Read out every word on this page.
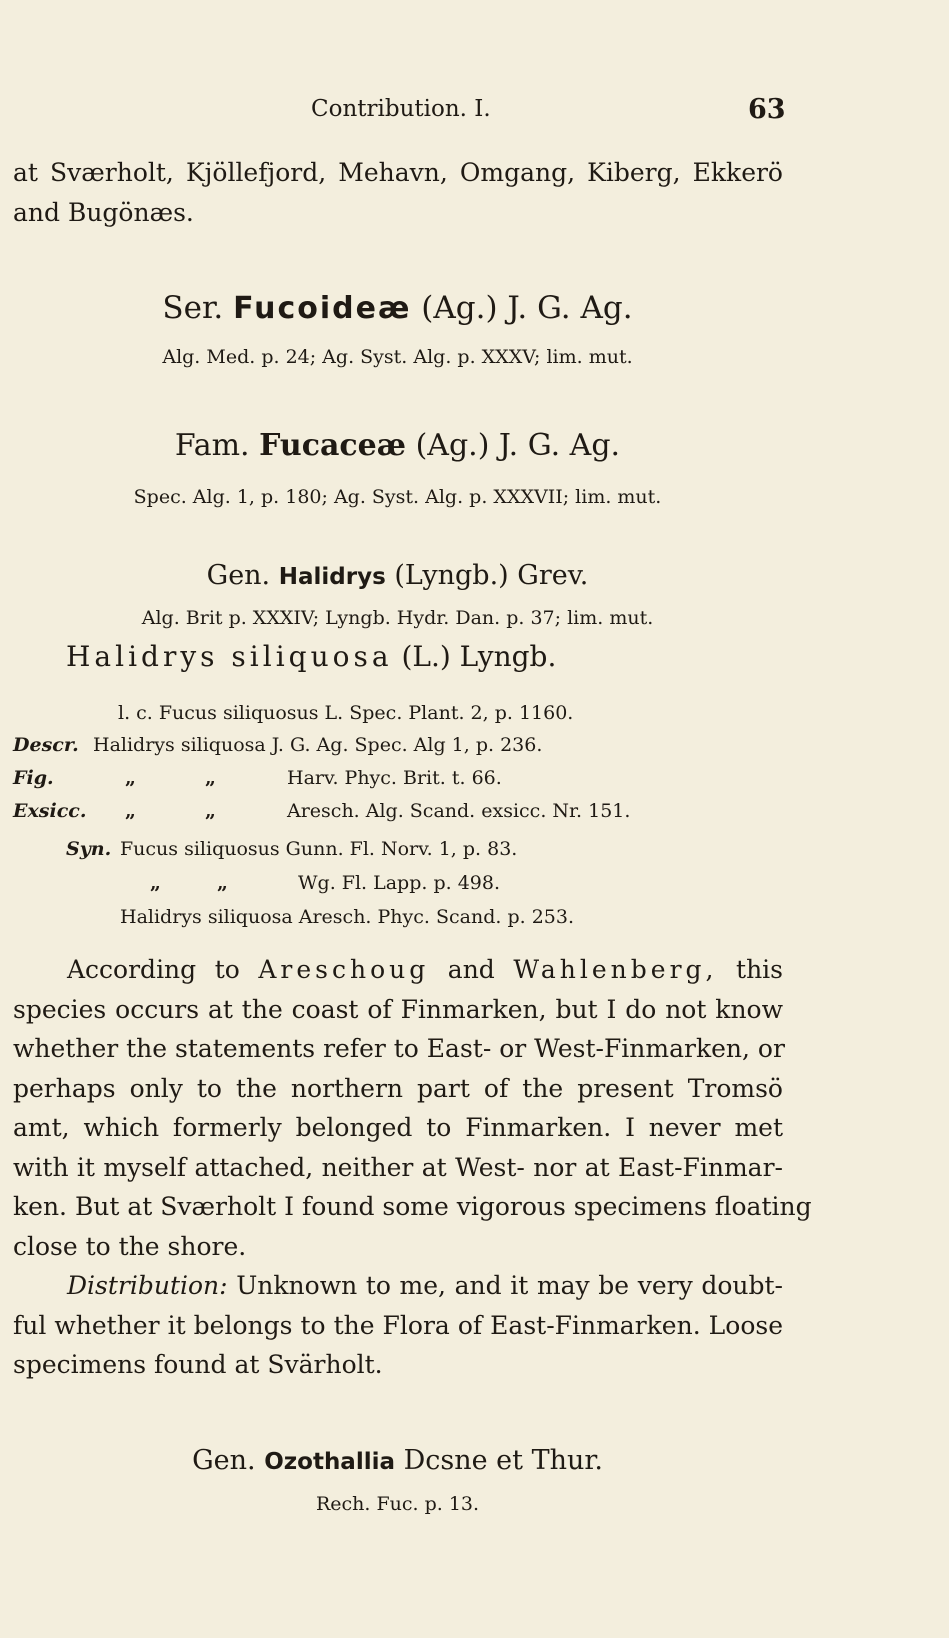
Contribution. I.	63
at Sværholt, Kjöllefjord, Mehavn, Omgang, Kiberg, Ekkerö
and Bugönæs.
Ser. Fucoideæ (Ag.) J. G. Ag.
Alg. Med. p. 24; Ag. Syst. Alg. p. XXXV; lim. mut.
Fam. Fucaceæ (Ag.) J. G. Ag.
Spec. Alg. 1, p. 180; Ag. Syst. Alg. p. XXXVII; lim. mut.
Gen. Halidrys (Lyngb.) Grev.
Alg. Brit p. XXXIV; Lyngb. Hydr. Dan. p. 37; lim. mut.
Halidrys siliquosa (L.) Lyngb.
l. c. Fucus siliquosus L. Spec. Plant. 2, p. 1160.
Descr. Halidrys siliquosa J. G. Ag. Spec. Alg 1, p. 236.
Fig.	„	„	Harv. Phyc. Brit. t. 66.
Exsicc. „	„	Aresch. Alg. Scand. exsicc. Nr. 151.
Syn. Fucus siliquosus Gunn. Fl. Norv. 1, p. 83.
„	„	Wg. Fl. Lapp. p. 498.
Halidrys siliquosa Aresch. Phyc. Scand. p. 253.
According to Areschoug and Wahlenberg, this
species occurs at the coast of Finmarken, but I do not know
whether the statements refer to East- or West-Finmarken, or
perhaps only to the northern part of the present Tromsö
amt, which formerly belonged to Finmarken. I never met
with it myself attached, neither at West- nor at East-Finmar-
ken. But at Sværholt I found some vigorous specimens floating
close to the shore.
Distribution: Unknown to me, and it may be very doubt-
ful whether it belongs to the Flora of East-Finmarken. Loose
specimens found at Svärholt.
Gen. Ozothallia Dcsne et Thur.
Rech. Fuc. p. 13.
